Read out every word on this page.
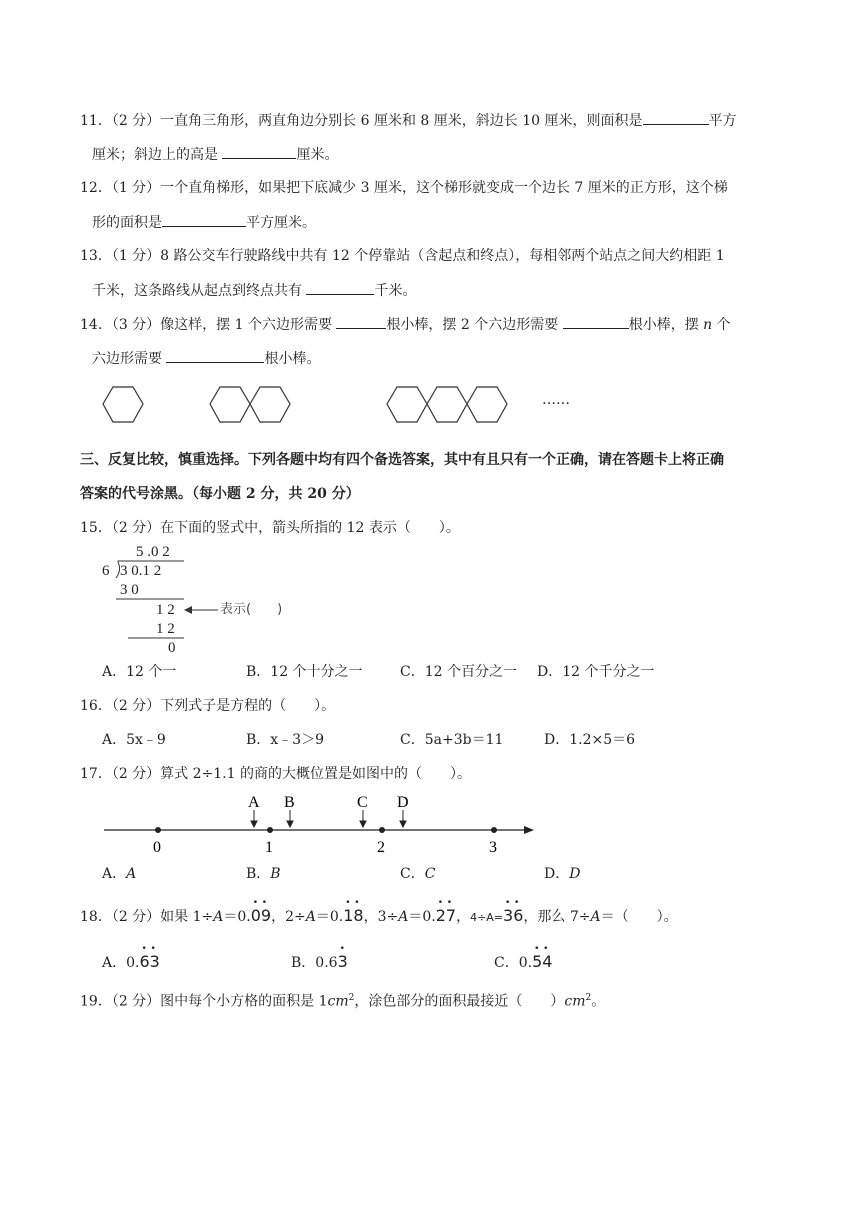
11．（2 分）一直角三角形，两直角边分别长 6 厘米和 8 厘米，斜边长 10 厘米，则面积是	平方
厘米；斜边上的高是	厘米。
12．（1 分）一个直角梯形，如果把下底减少 3 厘米，这个梯形就变成一个边长 7 厘米的正方形，这个梯
形的面积是	平方厘米。
13．（1 分）8 路公交车行驶路线中共有 12 个停靠站（含起点和终点），每相邻两个站点之间大约相距 1
千米，这条路线从起点到终点共有	千米。
14．（3 分）像这样，摆 1 个六边形需要	根小棒，摆 2 个六边形需要	根小棒，摆 n 个
六边形需要	根小棒。
……
三、反复比较，慎重选择。下列各题中均有四个备选答案，其中有且只有一个正确，请在答题卡上将正确
答案的代号涂黑。（每小题 2 分，共 20 分）
15．（2 分）在下面的竖式中，箭头所指的 12 表示（　　）。
5 .0 2
6 3 0.1 2
3 0
1 2
1 2
0
表示(　　)
A．12 个一	B．12 个十分之一	C．12 个百分之一 D．12 个千分之一
16．（2 分）下列式子是方程的（　　）。
A．5x﹣9	B．x﹣3＞9	C．5a+3b＝11	D．1.2×5＝6
17．（2 分）算式 2÷1.1 的商的大概位置是如图中的（　　）。
0	1	2	3
A B	C D
A．A	B．B	C．C	D．D
18．（2 分）如果 1÷A＝0.
• •
09，2÷A＝0.
• •
18，3÷A＝0.
• •
27，4÷A=
• •
36，那么 7÷A＝（　　）。
A．0.
• •
63	B．0.6
•
3	C．0.
• •
54
19．（2 分）图中每个小方格的面积是 $1cm^2$，涂色部分的面积最接近（　　）$cm^2$。
